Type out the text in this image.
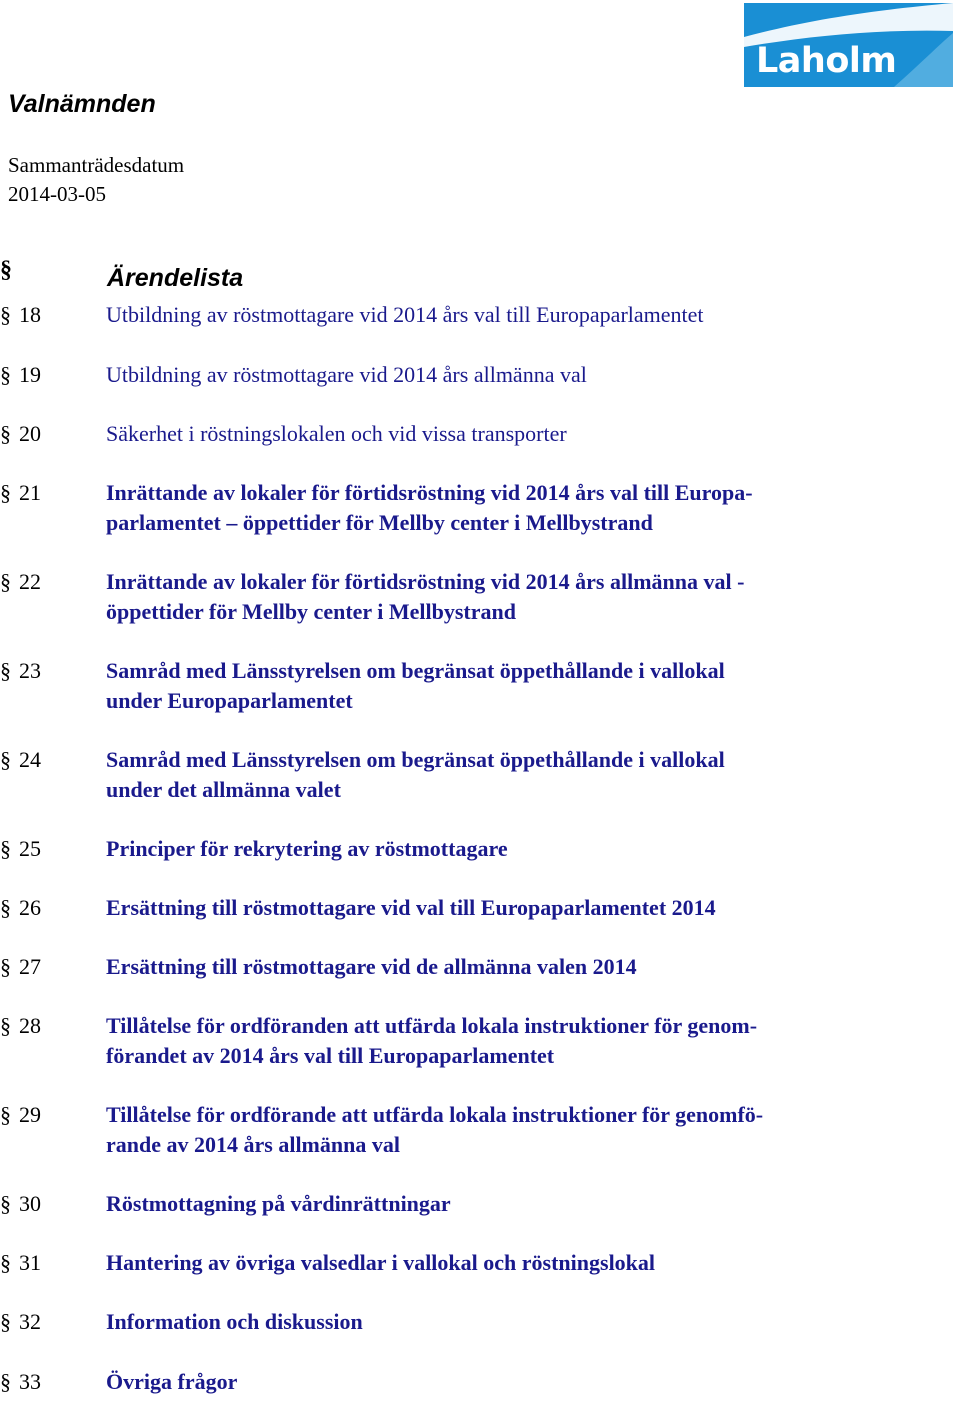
Laholm
Valnämnden
Sammanträdesdatum
2014-03-05
§	Ärendelista
§ 18	Utbildning av röstmottagare vid 2014 års val till Europaparlamentet
§ 19	Utbildning av röstmottagare vid 2014 års allmänna val
§ 20	Säkerhet i röstningslokalen och vid vissa transporter
§ 21	Inrättande av lokaler för förtidsröstning vid 2014 års val till Europa-
parlamentet – öppettider för Mellby center i Mellbystrand
§ 22	Inrättande av lokaler för förtidsröstning vid 2014 års allmänna val -
öppettider för Mellby center i Mellbystrand
§ 23	Samråd med Länsstyrelsen om begränsat öppethållande i vallokal
under Europaparlamentet
§ 24	Samråd med Länsstyrelsen om begränsat öppethållande i vallokal
under det allmänna valet
§ 25	Principer för rekrytering av röstmottagare
§ 26	Ersättning till röstmottagare vid val till Europaparlamentet 2014
§ 27	Ersättning till röstmottagare vid de allmänna valen 2014
§ 28	Tillåtelse för ordföranden att utfärda lokala instruktioner för genom-
förandet av 2014 års val till Europaparlamentet
§ 29	Tillåtelse för ordförande att utfärda lokala instruktioner för genomfö-
rande av 2014 års allmänna val
§ 30	Röstmottagning på vårdinrättningar
§ 31	Hantering av övriga valsedlar i vallokal och röstningslokal
§ 32	Information och diskussion
§ 33	Övriga frågor
